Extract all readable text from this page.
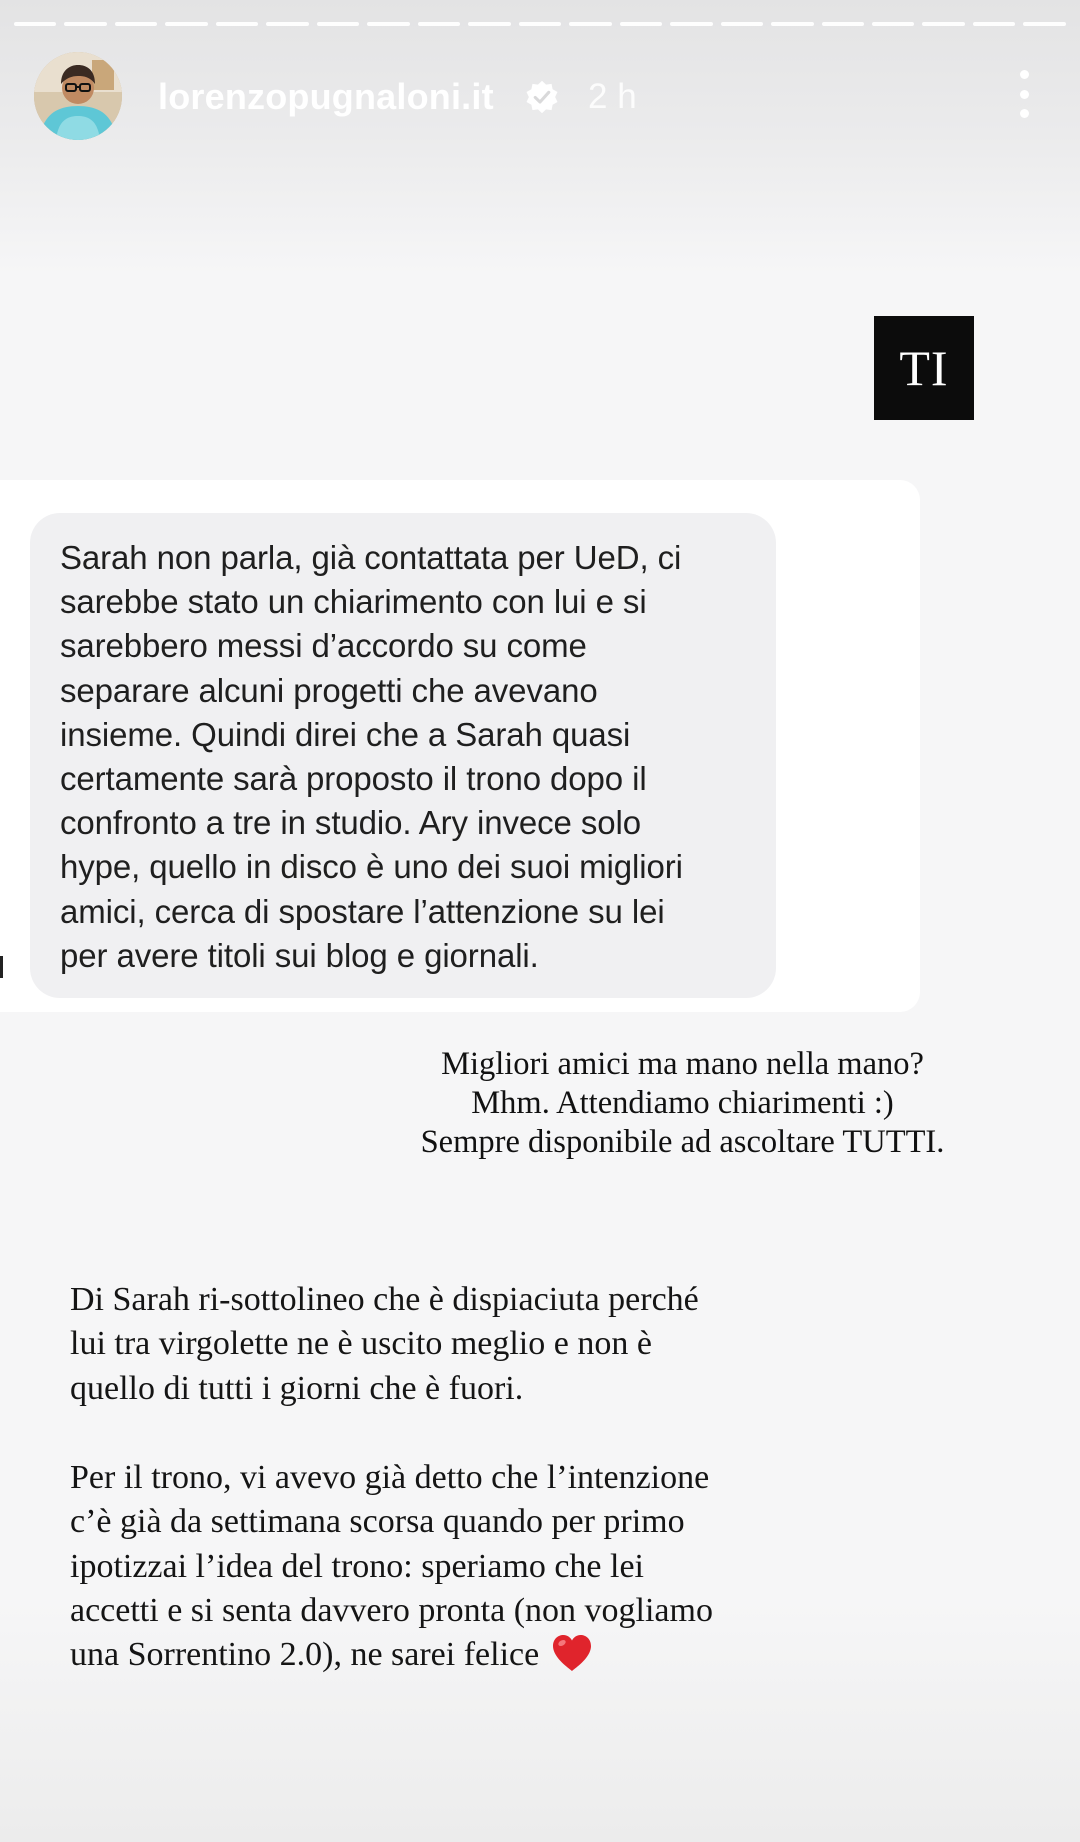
lorenzopugnaloni.it	2 h
TI
Sarah non parla, già contattata per UeD, ci
sarebbe stato un chiarimento con lui e si
sarebbero messi d’accordo su come
separare alcuni progetti che avevano
insieme. Quindi direi che a Sarah quasi
certamente sarà proposto il trono dopo il
confronto a tre in studio. Ary invece solo
hype, quello in disco è uno dei suoi migliori
amici, cerca di spostare l’attenzione su lei
per avere titoli sui blog e giornali.
Migliori amici ma mano nella mano?
Mhm. Attendiamo chiarimenti :)
Sempre disponibile ad ascoltare TUTTI.
Di Sarah ri-sottolineo che è dispiaciuta perché
lui tra virgolette ne è uscito meglio e non è
quello di tutti i giorni che è fuori.
Per il trono, vi avevo già detto che l’intenzione
c’è già da settimana scorsa quando per primo
ipotizzai l’idea del trono: speriamo che lei
accetti e si senta davvero pronta (non vogliamo
una Sorrentino 2.0), ne sarei felice
